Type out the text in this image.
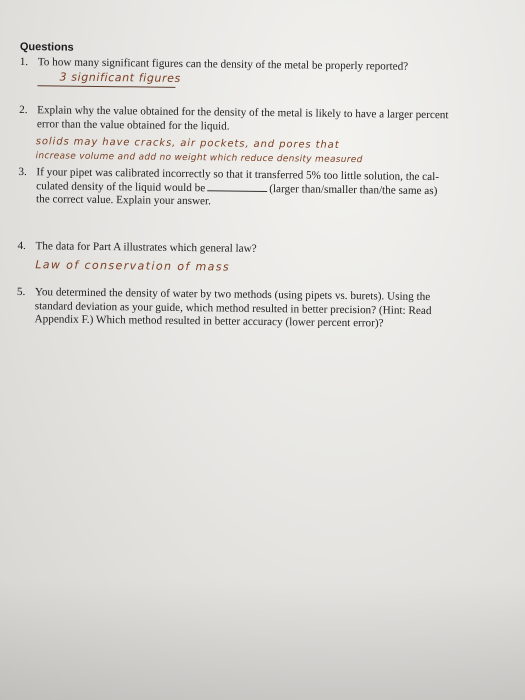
Questions
1. To how many significant figures can the density of the metal be properly reported?
3 significant figures
2. Explain why the value obtained for the density of the metal is likely to have a larger percent
error than the value obtained for the liquid.
solids may have cracks, air pockets, and pores that
increase volume and add no weight which reduce density measured
3. If your pipet was calibrated incorrectly so that it transferred 5% too little solution, the cal-
culated density of the liquid would be	(larger than/smaller than/the same as)
the correct value. Explain your answer.
4. The data for Part A illustrates which general law?
Law of conservation of mass
5. You determined the density of water by two methods (using pipets vs. burets). Using the
standard deviation as your guide, which method resulted in better precision? (Hint: Read
Appendix F.) Which method resulted in better accuracy (lower percent error)?
